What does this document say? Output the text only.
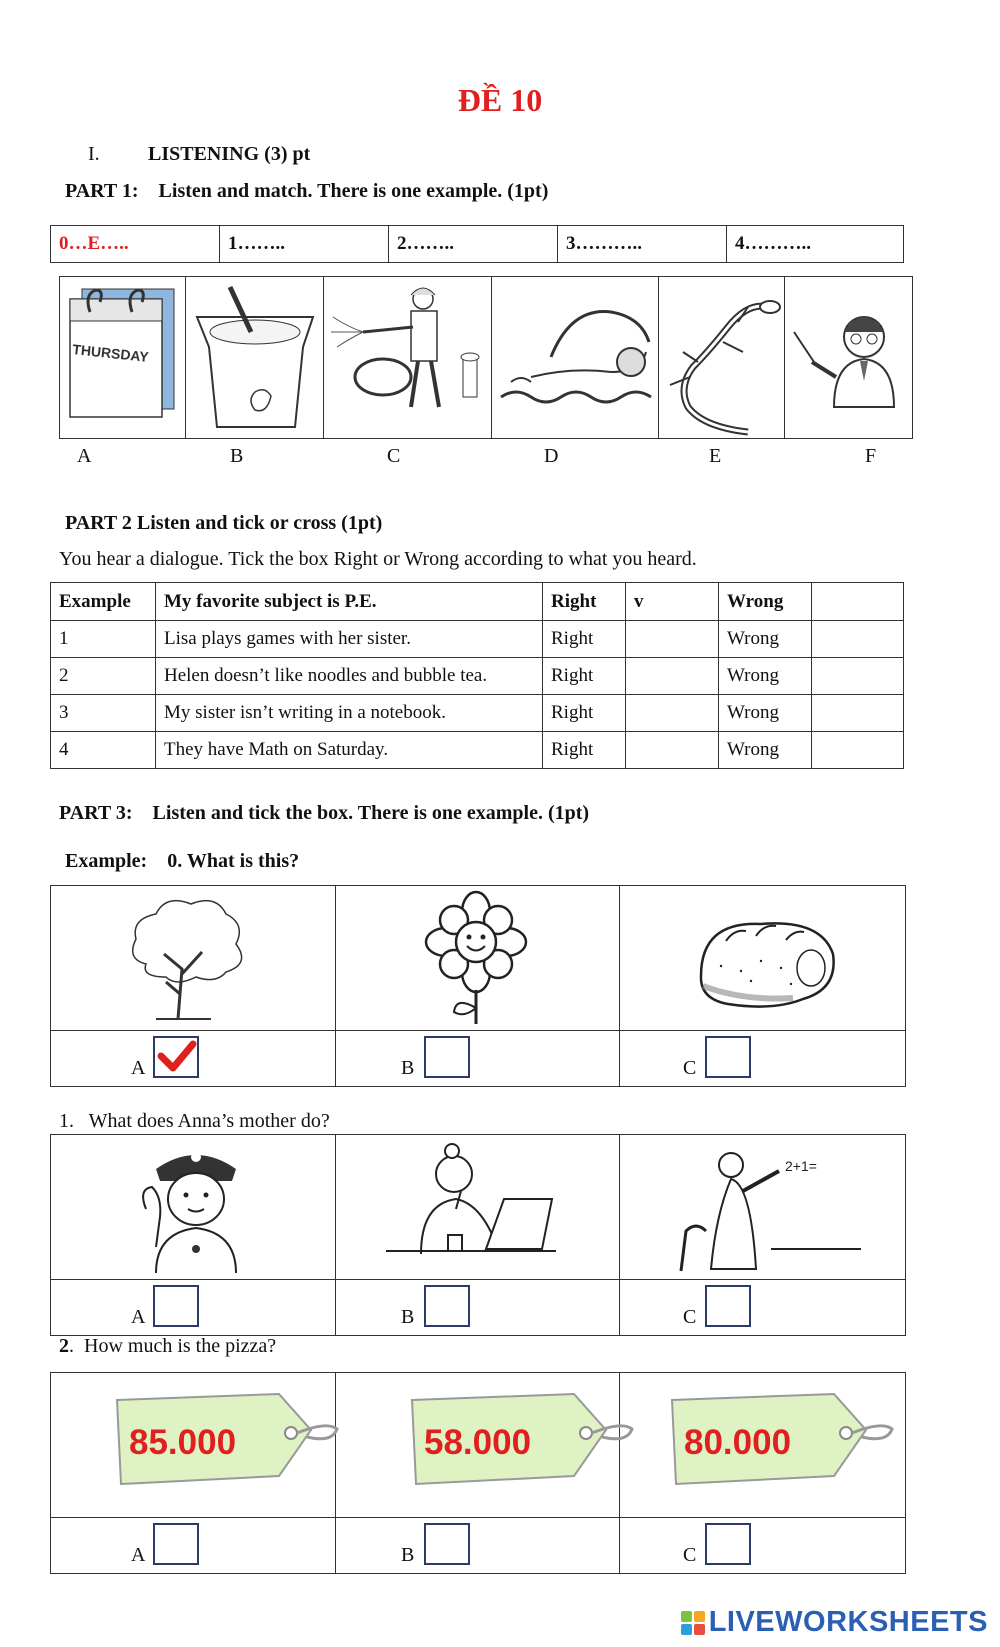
ĐỀ 10
I. LISTENING (3) pt
PART 1:    Listen and match. There is one example. (1pt)
0…E…..	1……..	2……..	3………..	4………..
THURSDAY
A	B	C	D	E	F
PART 2 Listen and tick or cross (1pt)
You hear a dialogue. Tick the box Right or Wrong according to what you heard.
Example	My favorite subject is P.E.	Right	v	Wrong	
1	Lisa plays games with her sister.	Right		Wrong	
2	Helen doesn’t like noodles and bubble tea.	Right		Wrong	
3	My sister isn’t writing in a notebook.	Right		Wrong	
4	They have Math on Saturday.	Right		Wrong	
PART 3:    Listen and tick the box. There is one example. (1pt)
Example:    0. What is this?
A	B	C
1.   What does Anna’s mother do?
2+1=
A	B	C
2.  How much is the pizza?
85.000	58.000	80.000
A	B	C
LIVEWORKSHEETS
